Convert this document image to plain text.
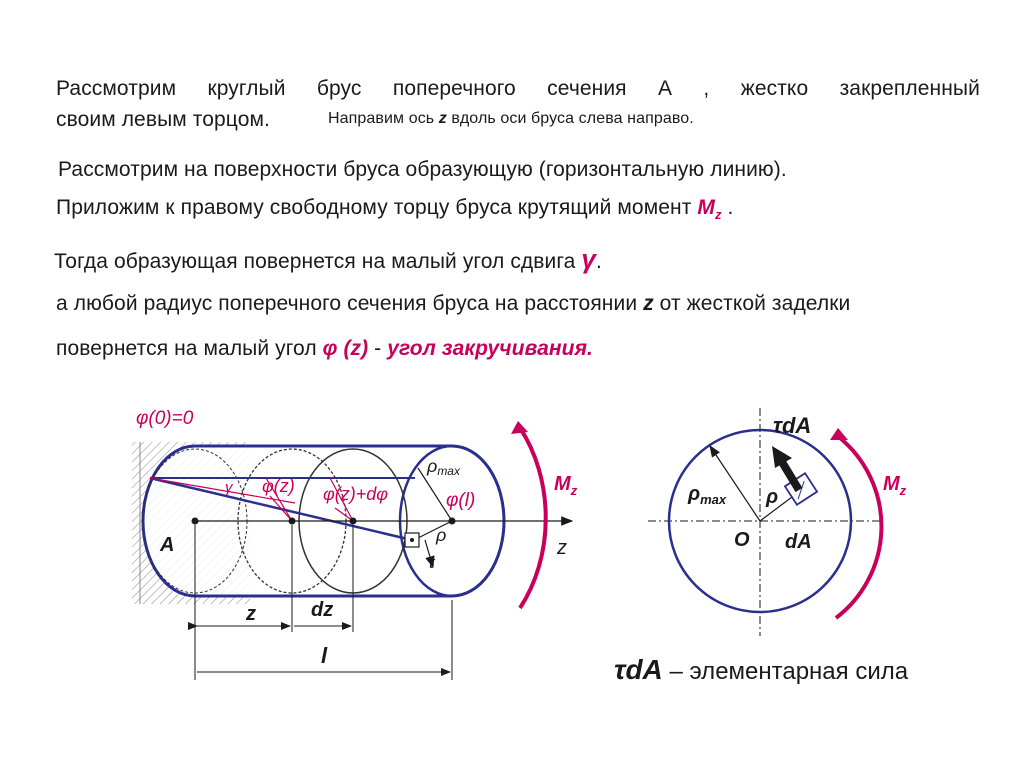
Рассмотрим круглый брус поперечного сечения A , жестко закрепленный
своим левым торцом.	Направим ось z вдоль оси бруса слева направо.
Рассмотрим на поверхности бруса образующую (горизонтальную линию).
Приложим к правому свободному торцу бруса крутящий момент $M_z$ .
Тогда образующая повернется на малый угол сдвига γ.
а любой радиус поперечного сечения бруса на расстоянии z от жесткой заделки
повернется на малый угол φ (z) - угол закручивания.
φ(0)=0
γ φ(z) φ(z)+dφ	φ(l)
ρmax
ρ
τ
A	z
z	dz
l
$M_z$
τdA
$\rho_{max}$ ρ
O dA
$M_z$
τdA – элементарная сила
